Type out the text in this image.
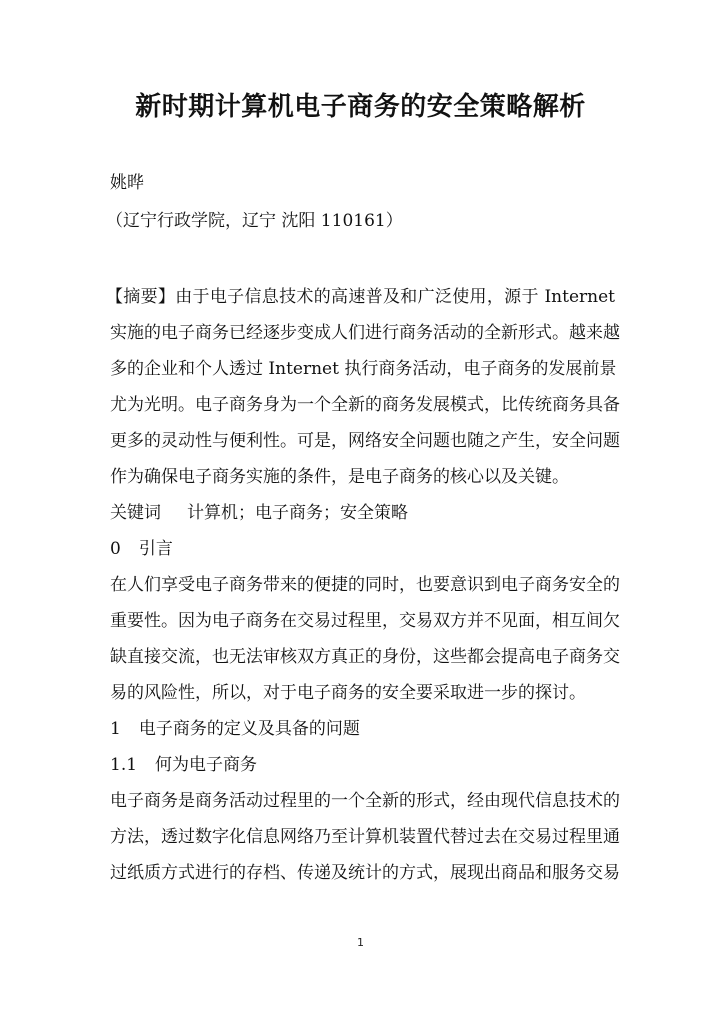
新时期计算机电子商务的安全策略解析
姚晔
（辽宁行政学院，辽宁 沈阳 110161）
【摘要】由于电子信息技术的高速普及和广泛使用，源于 Internet
实施的电子商务已经逐步变成人们进行商务活动的全新形式。越来越
多的企业和个人透过 Internet 执行商务活动，电子商务的发展前景
尤为光明。电子商务身为一个全新的商务发展模式，比传统商务具备
更多的灵动性与便利性。可是，网络安全问题也随之产生，安全问题
作为确保电子商务实施的条件，是电子商务的核心以及关键。
关键词 计算机；电子商务；安全策略
0 引言
在人们享受电子商务带来的便捷的同时，也要意识到电子商务安全的
重要性。因为电子商务在交易过程里，交易双方并不见面，相互间欠
缺直接交流，也无法审核双方真正的身份，这些都会提高电子商务交
易的风险性，所以，对于电子商务的安全要采取进一步的探讨。
1 电子商务的定义及具备的问题
1.1 何为电子商务
电子商务是商务活动过程里的一个全新的形式，经由现代信息技术的
方法，透过数字化信息网络乃至计算机装置代替过去在交易过程里通
过纸质方式进行的存档、传递及统计的方式，展现出商品和服务交易
1
